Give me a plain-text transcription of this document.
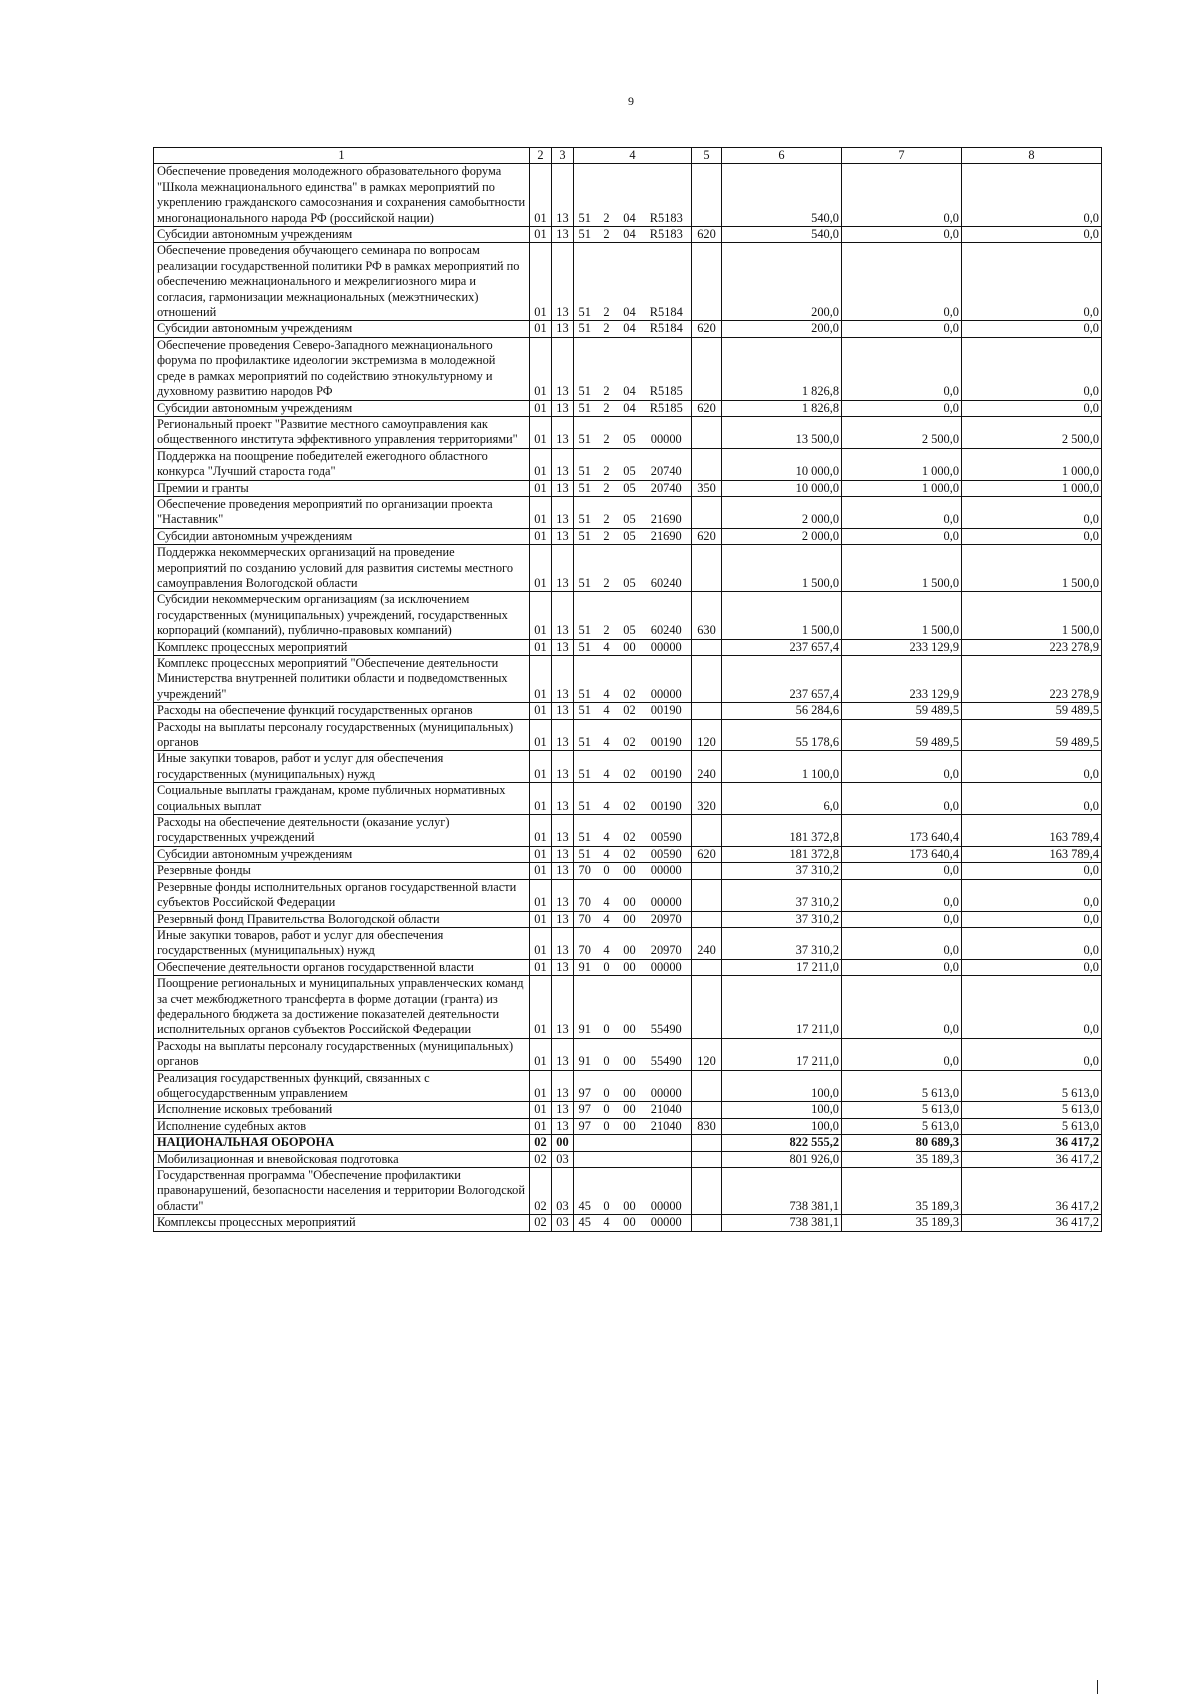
9
1	2	3	4				5	6	7	8
Обеспечение проведения молодежного образовательного форума "Школа межнационального единства" в рамках мероприятий по укреплению гражданского самосознания и сохранения самобытности многонационального народа РФ (российской нации)	01	13	51	2	04	R5183		540,0	0,0	0,0
Субсидии автономным учреждениям	01	13	51	2	04	R5183	620	540,0	0,0	0,0
Обеспечение проведения обучающего семинара по вопросам реализации государственной политики РФ в рамках мероприятий по обеспечению межнационального и межрелигиозного мира и согласия, гармонизации межнациональных (межэтнических) отношений	01	13	51	2	04	R5184		200,0	0,0	0,0
Субсидии автономным учреждениям	01	13	51	2	04	R5184	620	200,0	0,0	0,0
Обеспечение проведения Северо-Западного межнационального форума по профилактике идеологии экстремизма в молодежной среде в рамках мероприятий по содействию этнокультурному и духовному развитию народов РФ	01	13	51	2	04	R5185		1 826,8	0,0	0,0
Субсидии автономным учреждениям	01	13	51	2	04	R5185	620	1 826,8	0,0	0,0
Региональный проект "Развитие местного самоуправления как общественного института эффективного управления территориями"	01	13	51	2	05	00000		13 500,0	2 500,0	2 500,0
Поддержка на поощрение победителей ежегодного областного конкурса "Лучший староста года"	01	13	51	2	05	20740		10 000,0	1 000,0	1 000,0
Премии и гранты	01	13	51	2	05	20740	350	10 000,0	1 000,0	1 000,0
Обеспечение проведения мероприятий по организации проекта "Наставник"	01	13	51	2	05	21690		2 000,0	0,0	0,0
Субсидии автономным учреждениям	01	13	51	2	05	21690	620	2 000,0	0,0	0,0
Поддержка некоммерческих организаций на проведение мероприятий по созданию условий для развития системы местного самоуправления Вологодской области	01	13	51	2	05	60240		1 500,0	1 500,0	1 500,0
Субсидии некоммерческим организациям (за исключением государственных (муниципальных) учреждений, государственных корпораций (компаний), публично-правовых компаний)	01	13	51	2	05	60240	630	1 500,0	1 500,0	1 500,0
Комплекс процессных мероприятий	01	13	51	4	00	00000		237 657,4	233 129,9	223 278,9
Комплекс процессных мероприятий "Обеспечение деятельности Министерства внутренней политики области и подведомственных учреждений"	01	13	51	4	02	00000		237 657,4	233 129,9	223 278,9
Расходы на обеспечение функций государственных органов	01	13	51	4	02	00190		56 284,6	59 489,5	59 489,5
Расходы на выплаты персоналу государственных (муниципальных) органов	01	13	51	4	02	00190	120	55 178,6	59 489,5	59 489,5
Иные закупки товаров, работ и услуг для обеспечения государственных (муниципальных) нужд	01	13	51	4	02	00190	240	1 100,0	0,0	0,0
Социальные выплаты гражданам, кроме публичных нормативных социальных выплат	01	13	51	4	02	00190	320	6,0	0,0	0,0
Расходы на обеспечение деятельности (оказание услуг) государственных учреждений	01	13	51	4	02	00590		181 372,8	173 640,4	163 789,4
Субсидии автономным учреждениям	01	13	51	4	02	00590	620	181 372,8	173 640,4	163 789,4
Резервные фонды	01	13	70	0	00	00000		37 310,2	0,0	0,0
Резервные фонды исполнительных органов государственной власти субъектов Российской Федерации	01	13	70	4	00	00000		37 310,2	0,0	0,0
Резервный фонд Правительства Вологодской области	01	13	70	4	00	20970		37 310,2	0,0	0,0
Иные закупки товаров, работ и услуг для обеспечения государственных (муниципальных) нужд	01	13	70	4	00	20970	240	37 310,2	0,0	0,0
Обеспечение деятельности органов государственной власти	01	13	91	0	00	00000		17 211,0	0,0	0,0
Поощрение региональных и муниципальных управленческих команд за счет межбюджетного трансферта в форме дотации (гранта) из федерального бюджета за достижение показателей деятельности исполнительных органов субъектов Российской Федерации	01	13	91	0	00	55490		17 211,0	0,0	0,0
Расходы на выплаты персоналу государственных (муниципальных) органов	01	13	91	0	00	55490	120	17 211,0	0,0	0,0
Реализация государственных функций, связанных с общегосударственным управлением	01	13	97	0	00	00000		100,0	5 613,0	5 613,0
Исполнение исковых требований	01	13	97	0	00	21040		100,0	5 613,0	5 613,0
Исполнение судебных актов	01	13	97	0	00	21040	830	100,0	5 613,0	5 613,0
НАЦИОНАЛЬНАЯ ОБОРОНА	02	00						822 555,2	80 689,3	36 417,2
Мобилизационная и вневойсковая подготовка	02	03						801 926,0	35 189,3	36 417,2
Государственная программа "Обеспечение профилактики правонарушений, безопасности населения и территории Вологодской области"	02	03	45	0	00	00000		738 381,1	35 189,3	36 417,2
Комплексы процессных мероприятий	02	03	45	4	00	00000		738 381,1	35 189,3	36 417,2
